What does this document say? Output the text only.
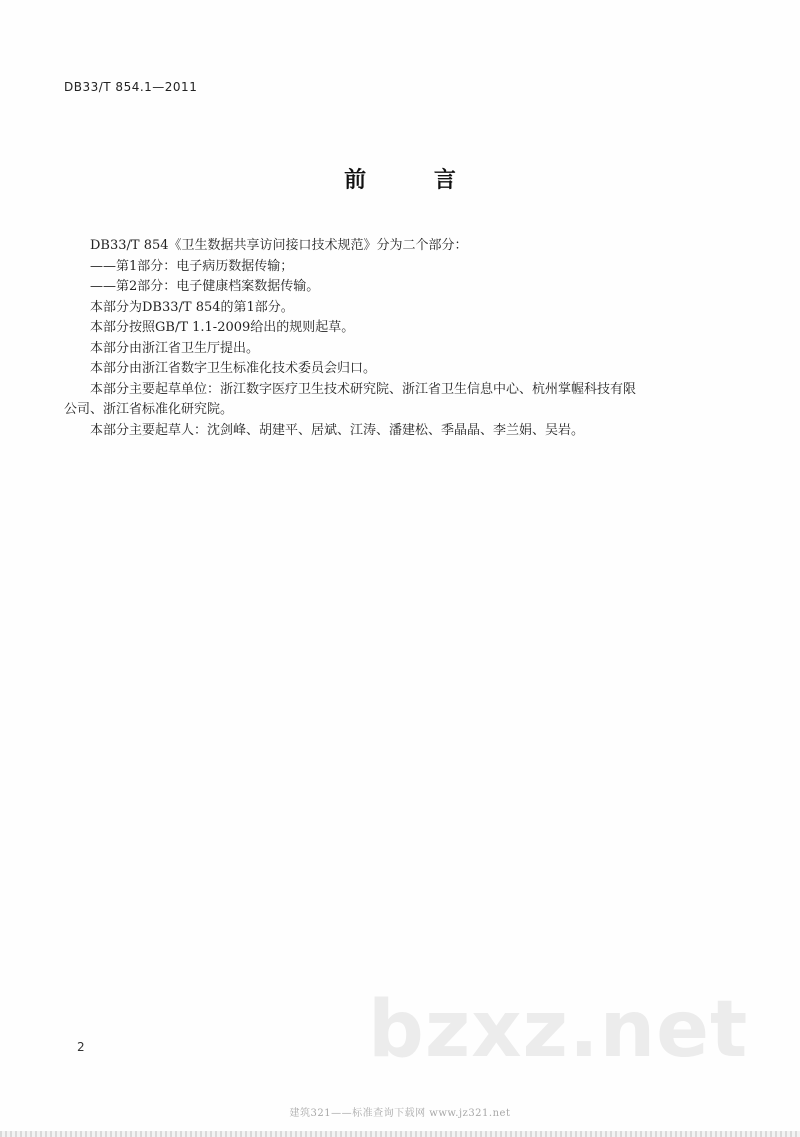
DB33/T 854.1—2011
前 言

DB33/T 854《卫生数据共享访问接口技术规范》分为二个部分：

——第1部分：电子病历数据传输；

——第2部分：电子健康档案数据传输。

本部分为DB33/T 854的第1部分。

本部分按照GB/T 1.1-2009给出的规则起草。

本部分由浙江省卫生厅提出。

本部分由浙江省数字卫生标准化技术委员会归口。

本部分主要起草单位：浙江数字医疗卫生技术研究院、浙江省卫生信息中心、杭州掌幄科技有限

公司、浙江省标准化研究院。

本部分主要起草人：沈剑峰、胡建平、居斌、江涛、潘建松、季晶晶、李兰娟、吴岩。

2	bzxz.net
建筑321——标准查询下载网 www.jz321.net
